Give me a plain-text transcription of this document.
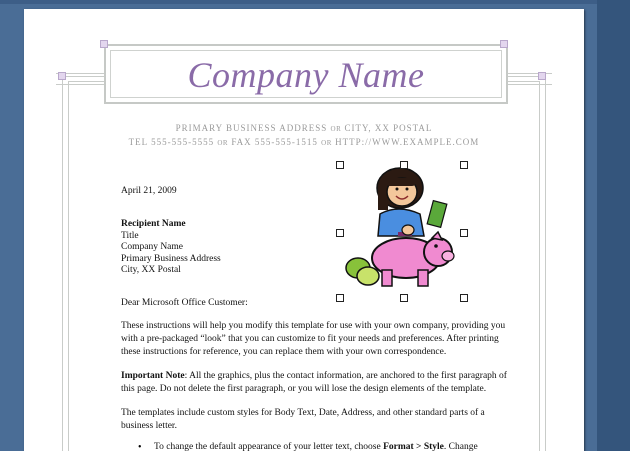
Company Name
PRIMARY BUSINESS ADDRESS OR CITY, XX POSTAL
TEL 555-555-5555 OR FAX 555-555-1515 OR HTTP://WWW.EXAMPLE.COM
April 21, 2009
Recipient Name
Title
Company Name
Primary Business Address
City, XX Postal
Dear Microsoft Office Customer:
These instructions will help you modify this template for use with your own company, providing you with a pre-packaged “look” that you can customize to fit your needs and preferences. After printing these instructions for reference, you can replace them with your own correspondence.
Important Note: All the graphics, plus the contact information, are anchored to the first paragraph of this page. Do not delete the first paragraph, or you will lose the design elements of the template.
The templates include custom styles for Body Text, Date, Address, and other standard parts of a business letter.
• To change the default appearance of your letter text, choose Format > Style. Change
